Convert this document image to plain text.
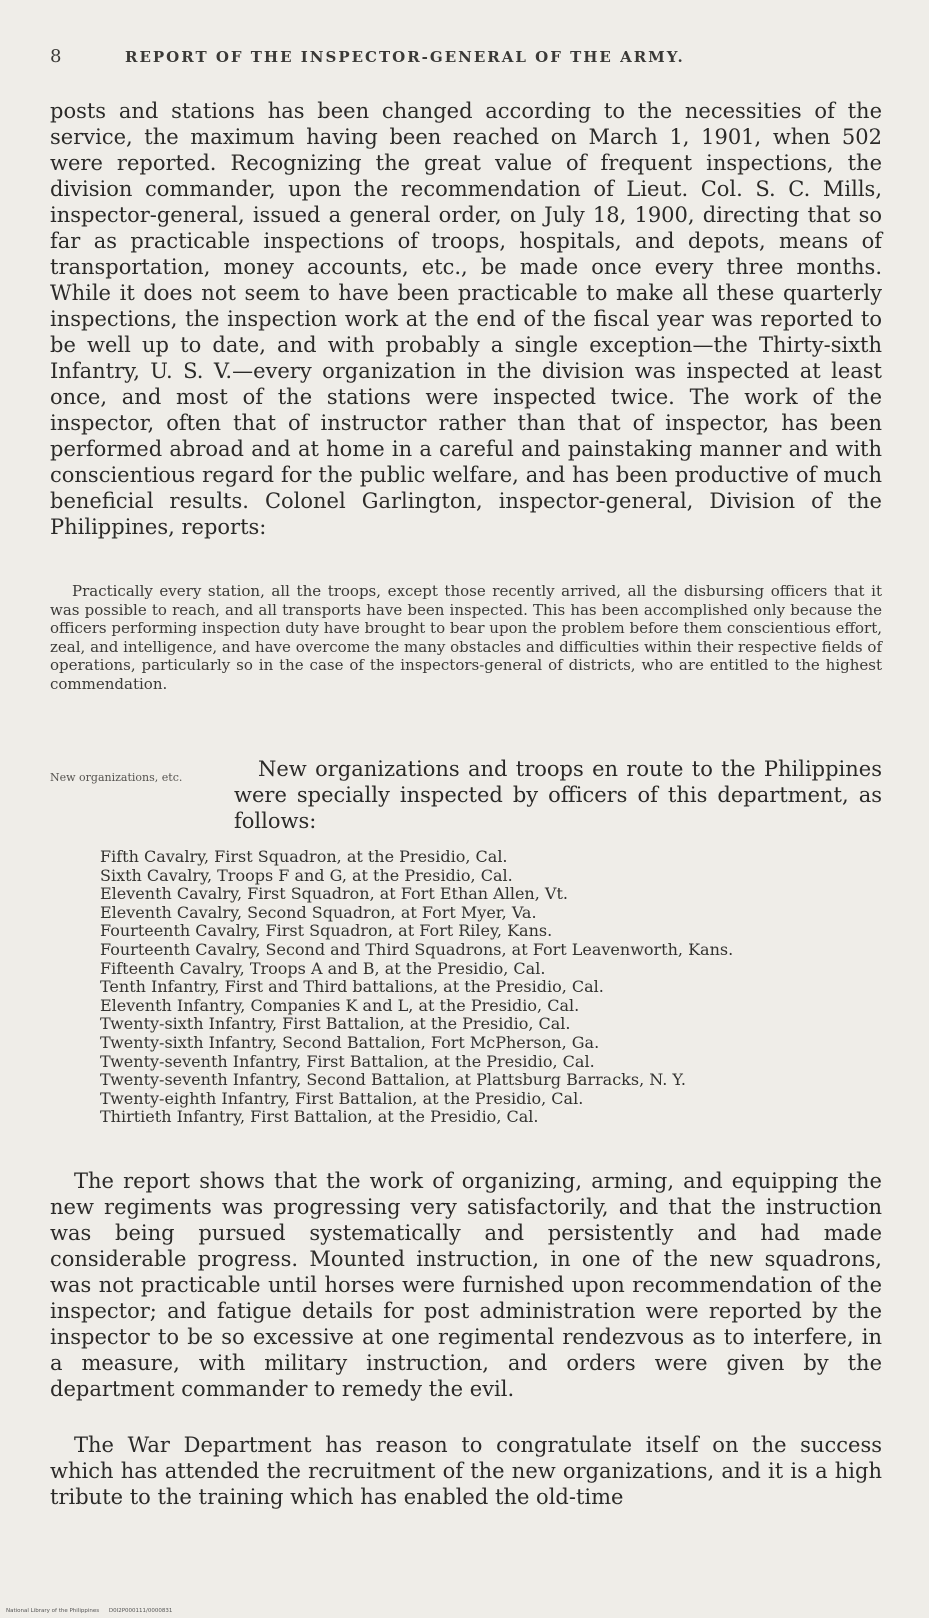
8	REPORT OF THE INSPECTOR-GENERAL OF THE ARMY.
posts and stations has been changed according to the necessities of the service, the maximum having been reached on March 1, 1901, when 502 were reported. Recognizing the great value of frequent inspections, the division commander, upon the recommendation of Lieut. Col. S. C. Mills, inspector-general, issued a general order, on July 18, 1900, directing that so far as practicable inspections of troops, hospitals, and depots, means of transportation, money accounts, etc., be made once every three months. While it does not seem to have been practicable to make all these quarterly inspections, the inspection work at the end of the fiscal year was reported to be well up to date, and with probably a single exception—the Thirty-sixth Infantry, U. S. V.—every organization in the division was inspected at least once, and most of the stations were inspected twice. The work of the inspector, often that of instructor rather than that of inspector, has been performed abroad and at home in a careful and painstaking manner and with conscientious regard for the public welfare, and has been productive of much beneficial results. Colonel Garlington, inspector-general, Division of the Philippines, reports:
Practically every station, all the troops, except those recently arrived, all the disbursing officers that it was possible to reach, and all transports have been inspected. This has been accomplished only because the officers performing inspection duty have brought to bear upon the problem before them conscientious effort, zeal, and intelligence, and have overcome the many obstacles and difficulties within their respective fields of operations, particularly so in the case of the inspectors-general of districts, who are entitled to the highest commendation.
New organizations, etc.	New organizations and troops en route to the Philippines were specially inspected by officers of this department, as follows:
Fifth Cavalry, First Squadron, at the Presidio, Cal.
Sixth Cavalry, Troops F and G, at the Presidio, Cal.
Eleventh Cavalry, First Squadron, at Fort Ethan Allen, Vt.
Eleventh Cavalry, Second Squadron, at Fort Myer, Va.
Fourteenth Cavalry, First Squadron, at Fort Riley, Kans.
Fourteenth Cavalry, Second and Third Squadrons, at Fort Leavenworth, Kans.
Fifteenth Cavalry, Troops A and B, at the Presidio, Cal.
Tenth Infantry, First and Third battalions, at the Presidio, Cal.
Eleventh Infantry, Companies K and L, at the Presidio, Cal.
Twenty-sixth Infantry, First Battalion, at the Presidio, Cal.
Twenty-sixth Infantry, Second Battalion, Fort McPherson, Ga.
Twenty-seventh Infantry, First Battalion, at the Presidio, Cal.
Twenty-seventh Infantry, Second Battalion, at Plattsburg Barracks, N. Y.
Twenty-eighth Infantry, First Battalion, at the Presidio, Cal.
Thirtieth Infantry, First Battalion, at the Presidio, Cal.
The report shows that the work of organizing, arming, and equipping the new regiments was progressing very satisfactorily, and that the instruction was being pursued systematically and persistently and had made considerable progress. Mounted instruction, in one of the new squadrons, was not practicable until horses were furnished upon recommendation of the inspector; and fatigue details for post administration were reported by the inspector to be so excessive at one regimental rendezvous as to interfere, in a measure, with military instruction, and orders were given by the department commander to remedy the evil.
The War Department has reason to congratulate itself on the success which has attended the recruitment of the new organizations, and it is a high tribute to the training which has enabled the old-time
National Library of the Philippines D0I2P000111/0000831
